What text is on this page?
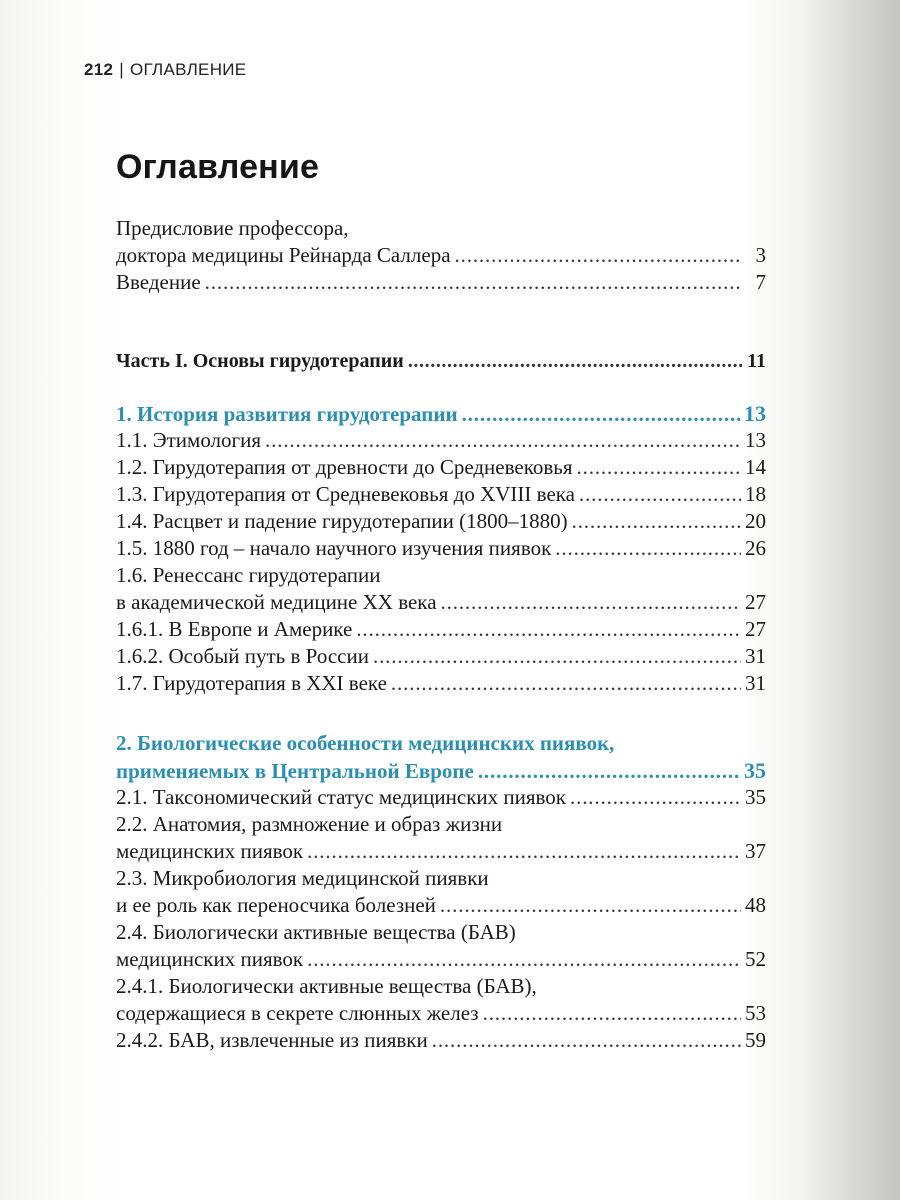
212 | ОГЛАВЛЕНИЕ
Оглавление
Предисловие профессора,
доктора медицины Рейнарда Саллера . . .	3
Введение . . .	7
Часть I. Основы гирудотерапии . . .	11
1. История развития гирудотерапии . . .	13
1.1. Этимология . . .	13
1.2. Гирудотерапия от древности до Средневековья . . .	14
1.3. Гирудотерапия от Средневековья до XVIII века . . .	18
1.4. Расцвет и падение гирудотерапии (1800–1880) . . .	20
1.5. 1880 год – начало научного изучения пиявок . . .	26
1.6. Ренессанс гирудотерапии
в академической медицине XX века . . .	27
1.6.1. В Европе и Америке . . .	27
1.6.2. Особый путь в России . . .	31
1.7. Гирудотерапия в XXI веке . . .	31
2. Биологические особенности медицинских пиявок,
применяемых в Центральной Европе . . .	35
2.1. Таксономический статус медицинских пиявок . . .	35
2.2. Анатомия, размножение и образ жизни
медицинских пиявок . . .	37
2.3. Микробиология медицинской пиявки
и ее роль как переносчика болезней . . .	48
2.4. Биологически активные вещества (БАВ)
медицинских пиявок . . .	52
2.4.1. Биологически активные вещества (БАВ),
содержащиеся в секрете слюнных желез . . .	53
2.4.2. БАВ, извлеченные из пиявки . . .	59
